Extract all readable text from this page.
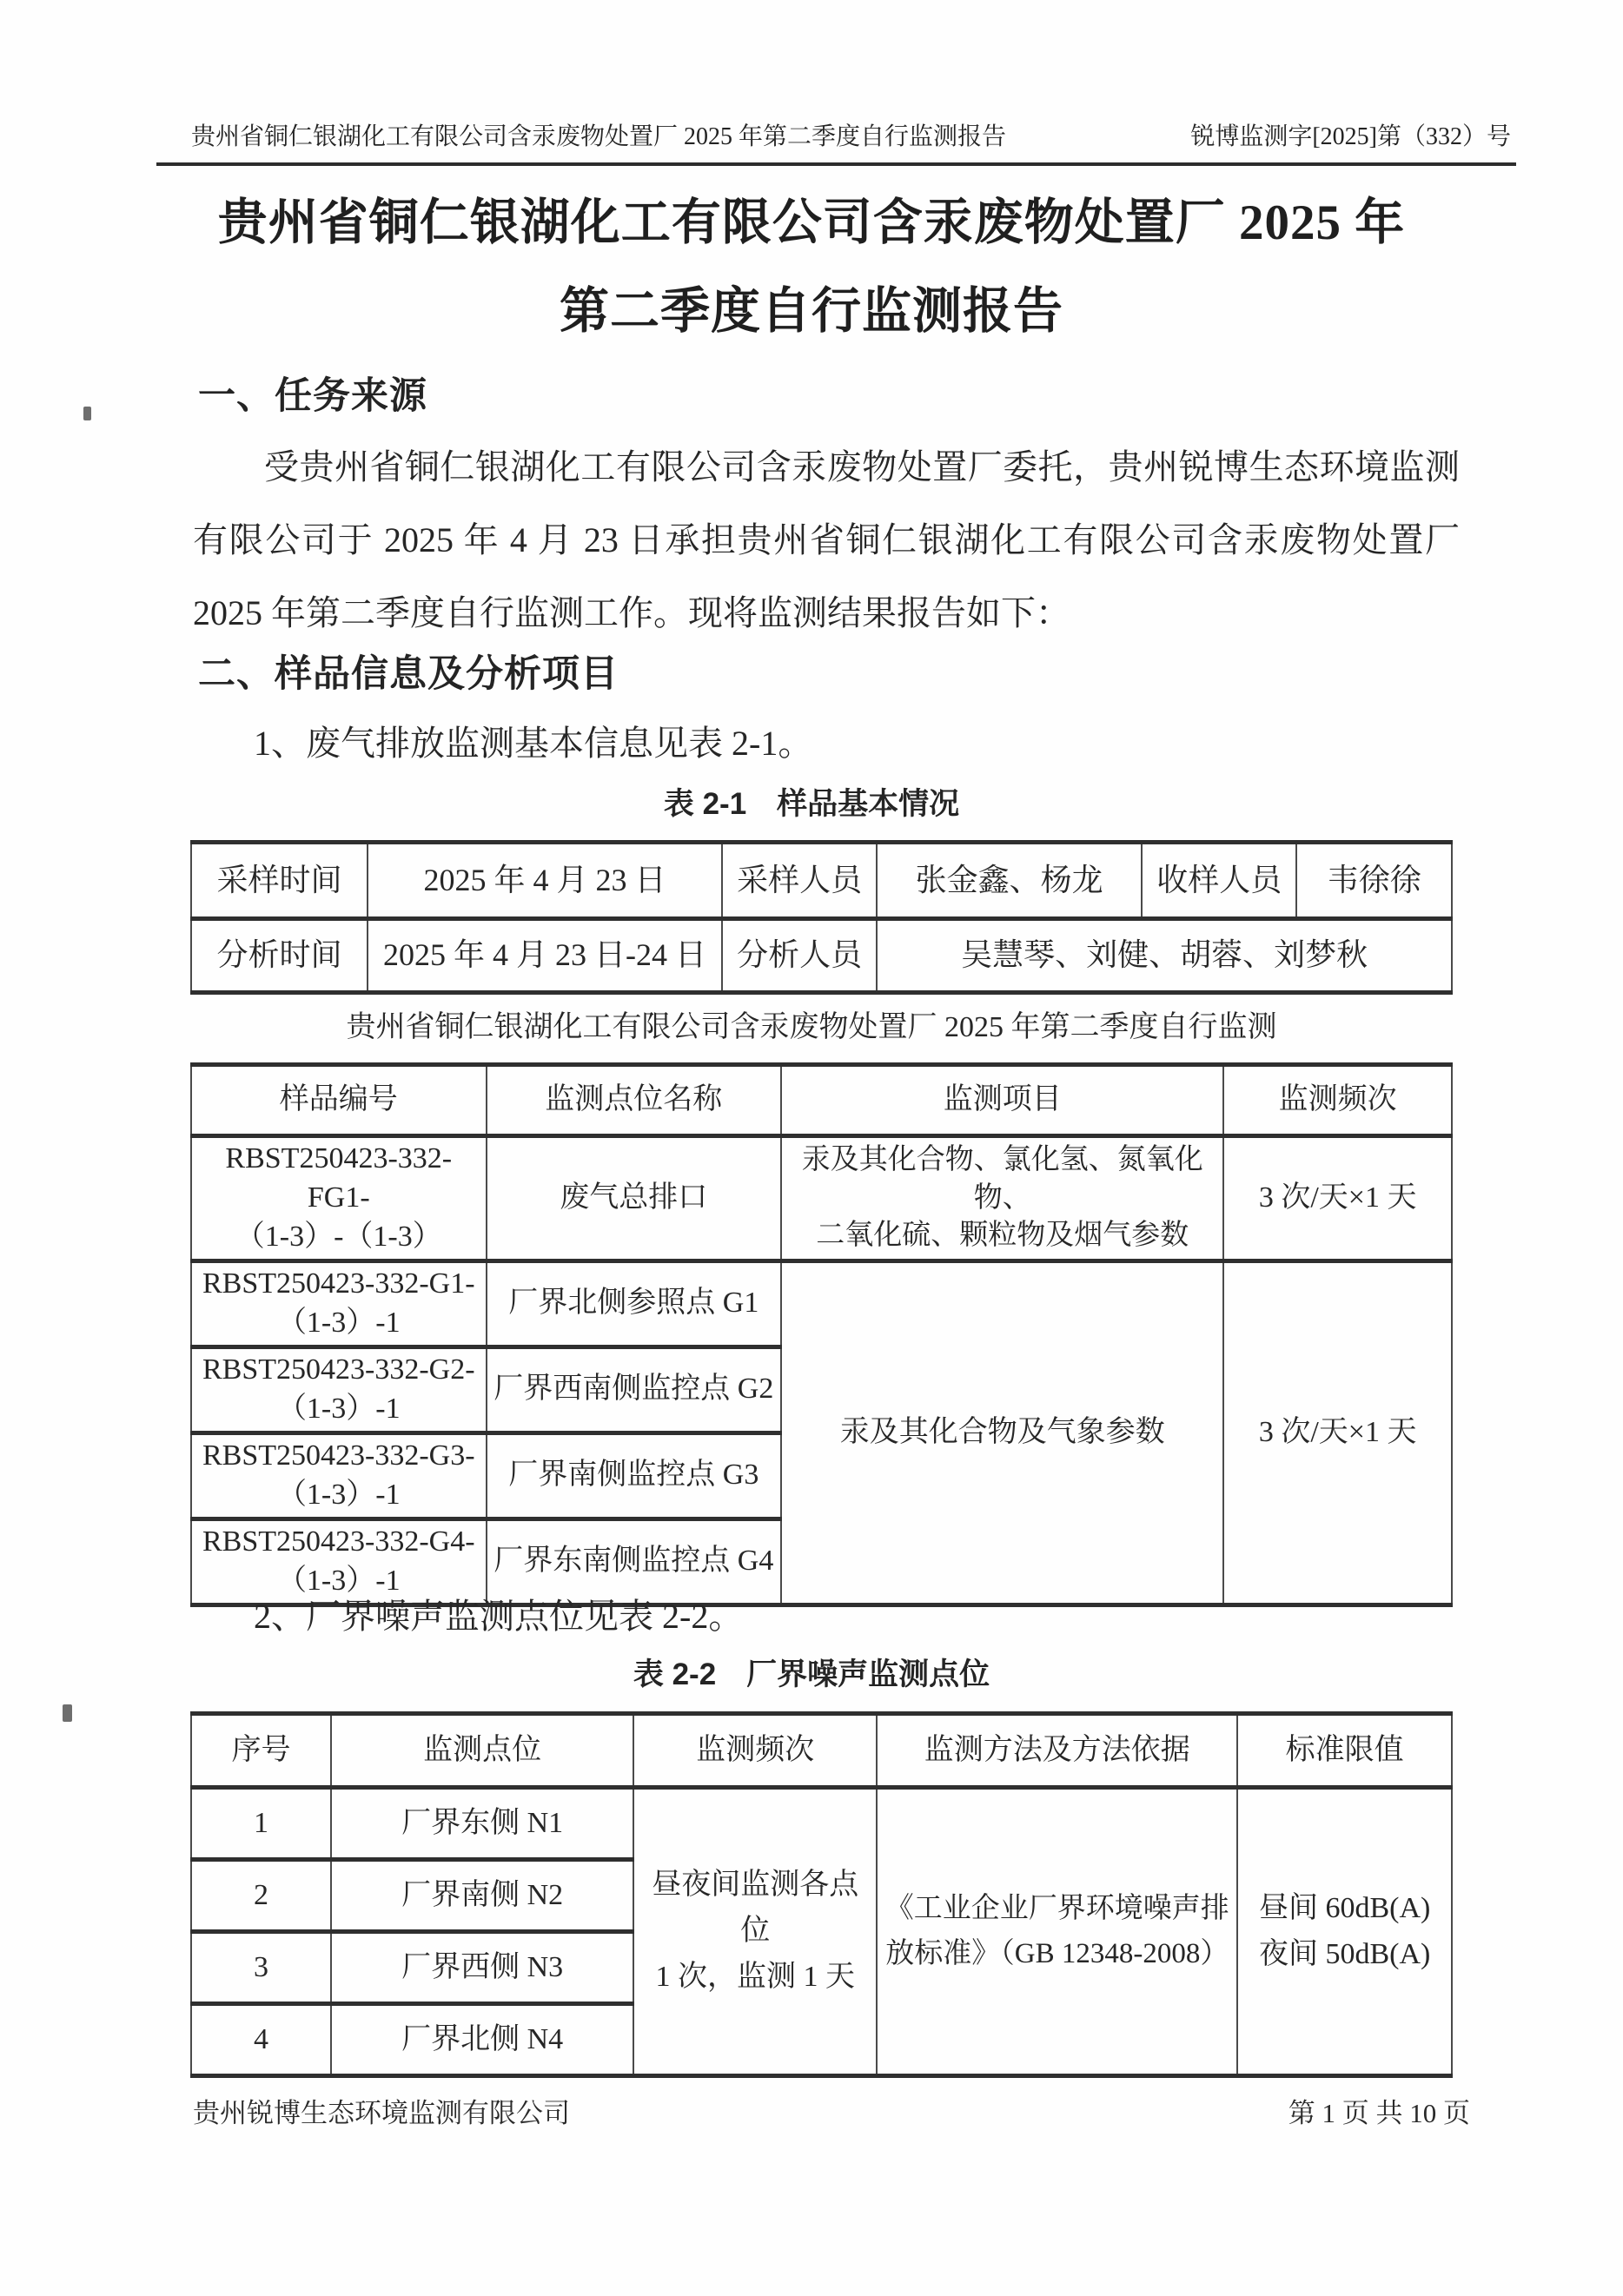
贵州省铜仁银湖化工有限公司含汞废物处置厂 2025 年第二季度自行监测报告	锐博监测字[2025]第（332）号
贵州省铜仁银湖化工有限公司含汞废物处置厂 2025 年
第二季度自行监测报告
一、任务来源
受贵州省铜仁银湖化工有限公司含汞废物处置厂委托，贵州锐博生态环境监测有限公司于 2025 年 4 月 23 日承担贵州省铜仁银湖化工有限公司含汞废物处置厂 2025 年第二季度自行监测工作。现将监测结果报告如下：
二、样品信息及分析项目
1、废气排放监测基本信息见表 2-1。
表 2-1　样品基本情况
采样时间	2025 年 4 月 23 日	采样人员	张金鑫、杨龙	收样人员	韦徐徐
分析时间	2025 年 4 月 23 日-24 日	分析人员	吴慧琴、刘健、胡蓉、刘梦秋		
贵州省铜仁银湖化工有限公司含汞废物处置厂 2025 年第二季度自行监测
样品编号	监测点位名称	监测项目	监测频次

RBST250423-332-FG1-
（1-3）-（1-3）
	废气总排口	
汞及其化合物、氯化氢、氮氧化物、
二氧化硫、颗粒物及烟气参数
	3 次/天×1 天

RBST250423-332-G1-
（1-3）-1	厂界北侧参照点 G1	汞及其化合物及气象参数	3 次/天×1 天

RBST250423-332-G2-
（1-3）-1	厂界西南侧监控点 G2		

RBST250423-332-G3-
（1-3）-1	厂界南侧监控点 G3		

RBST250423-332-G4-
（1-3）-1	厂界东南侧监控点 G4		
2、厂界噪声监测点位见表 2-2。
表 2-2　厂界噪声监测点位
序号	监测点位	监测频次	监测方法及方法依据	标准限值
1	厂界东侧 N1	
昼夜间监测各点位
1 次，监测 1 天

《工业企业厂界环境噪声排
放标准》（GB 12348-2008）

昼间 60dB(A)
夜间 50dB(A)

2	厂界南侧 N2			
3	厂界西侧 N3			
4	厂界北侧 N4			
贵州锐博生态环境监测有限公司	第 1 页 共 10 页
